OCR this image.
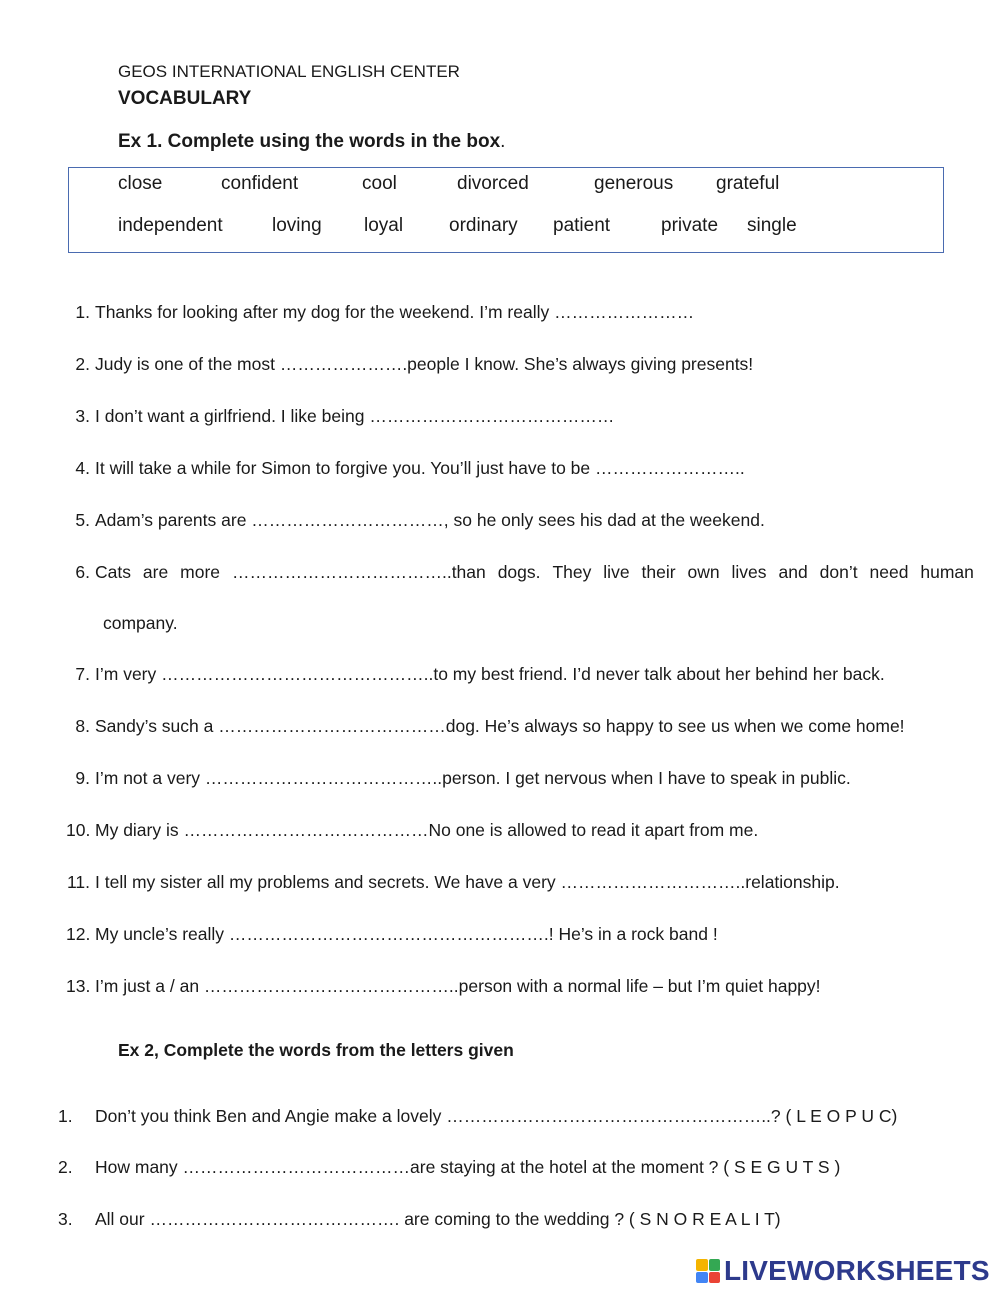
GEOS INTERNATIONAL ENGLISH CENTER
VOCABULARY
Ex 1. Complete using the words in the box.
close	confident	cool	divorced	generous grateful
independent	loving loyal ordinary patient	private single
1. Thanks for looking after my dog for the weekend. I’m really ……………………
2. Judy is one of the most ………………….people I know. She’s always giving presents!
3. I don’t want a girlfriend. I like being ……………………………………
4. It will take a while for Simon to forgive you. You’ll just have to be ……………………..
5. Adam’s parents are ……………………………, so he only sees his dad at the weekend.
6. Cats are more ………………………………..than dogs. They live their own lives and don’t need human
company.
7. I’m very ………………………………………..to my best friend. I’d never talk about her behind her back.
8. Sandy’s such a …………………………………dog. He’s always so happy to see us when we come home!
9. I’m not a very …………………………………..person. I get nervous when I have to speak in public.
10. My diary is ……………………………………No one is allowed to read it apart from me.
11. I tell my sister all my problems and secrets. We have a very …………………………..relationship.
12. My uncle’s really ……………………………………………….! He’s in a rock band !
13. I’m just a / an ……………………………………..person with a normal life – but I’m quiet happy!
Ex 2, Complete the words from the letters given
1. Don’t you think Ben and Angie make a lovely ………………………………………………..? ( L E O P U C)
2. How many …………………………………are staying at the hotel at the moment ? ( S E G U T S )
3. All our ……………………………………. are coming to the wedding ? ( S N O R E A L I T)
LIVEWORKSHEETS
